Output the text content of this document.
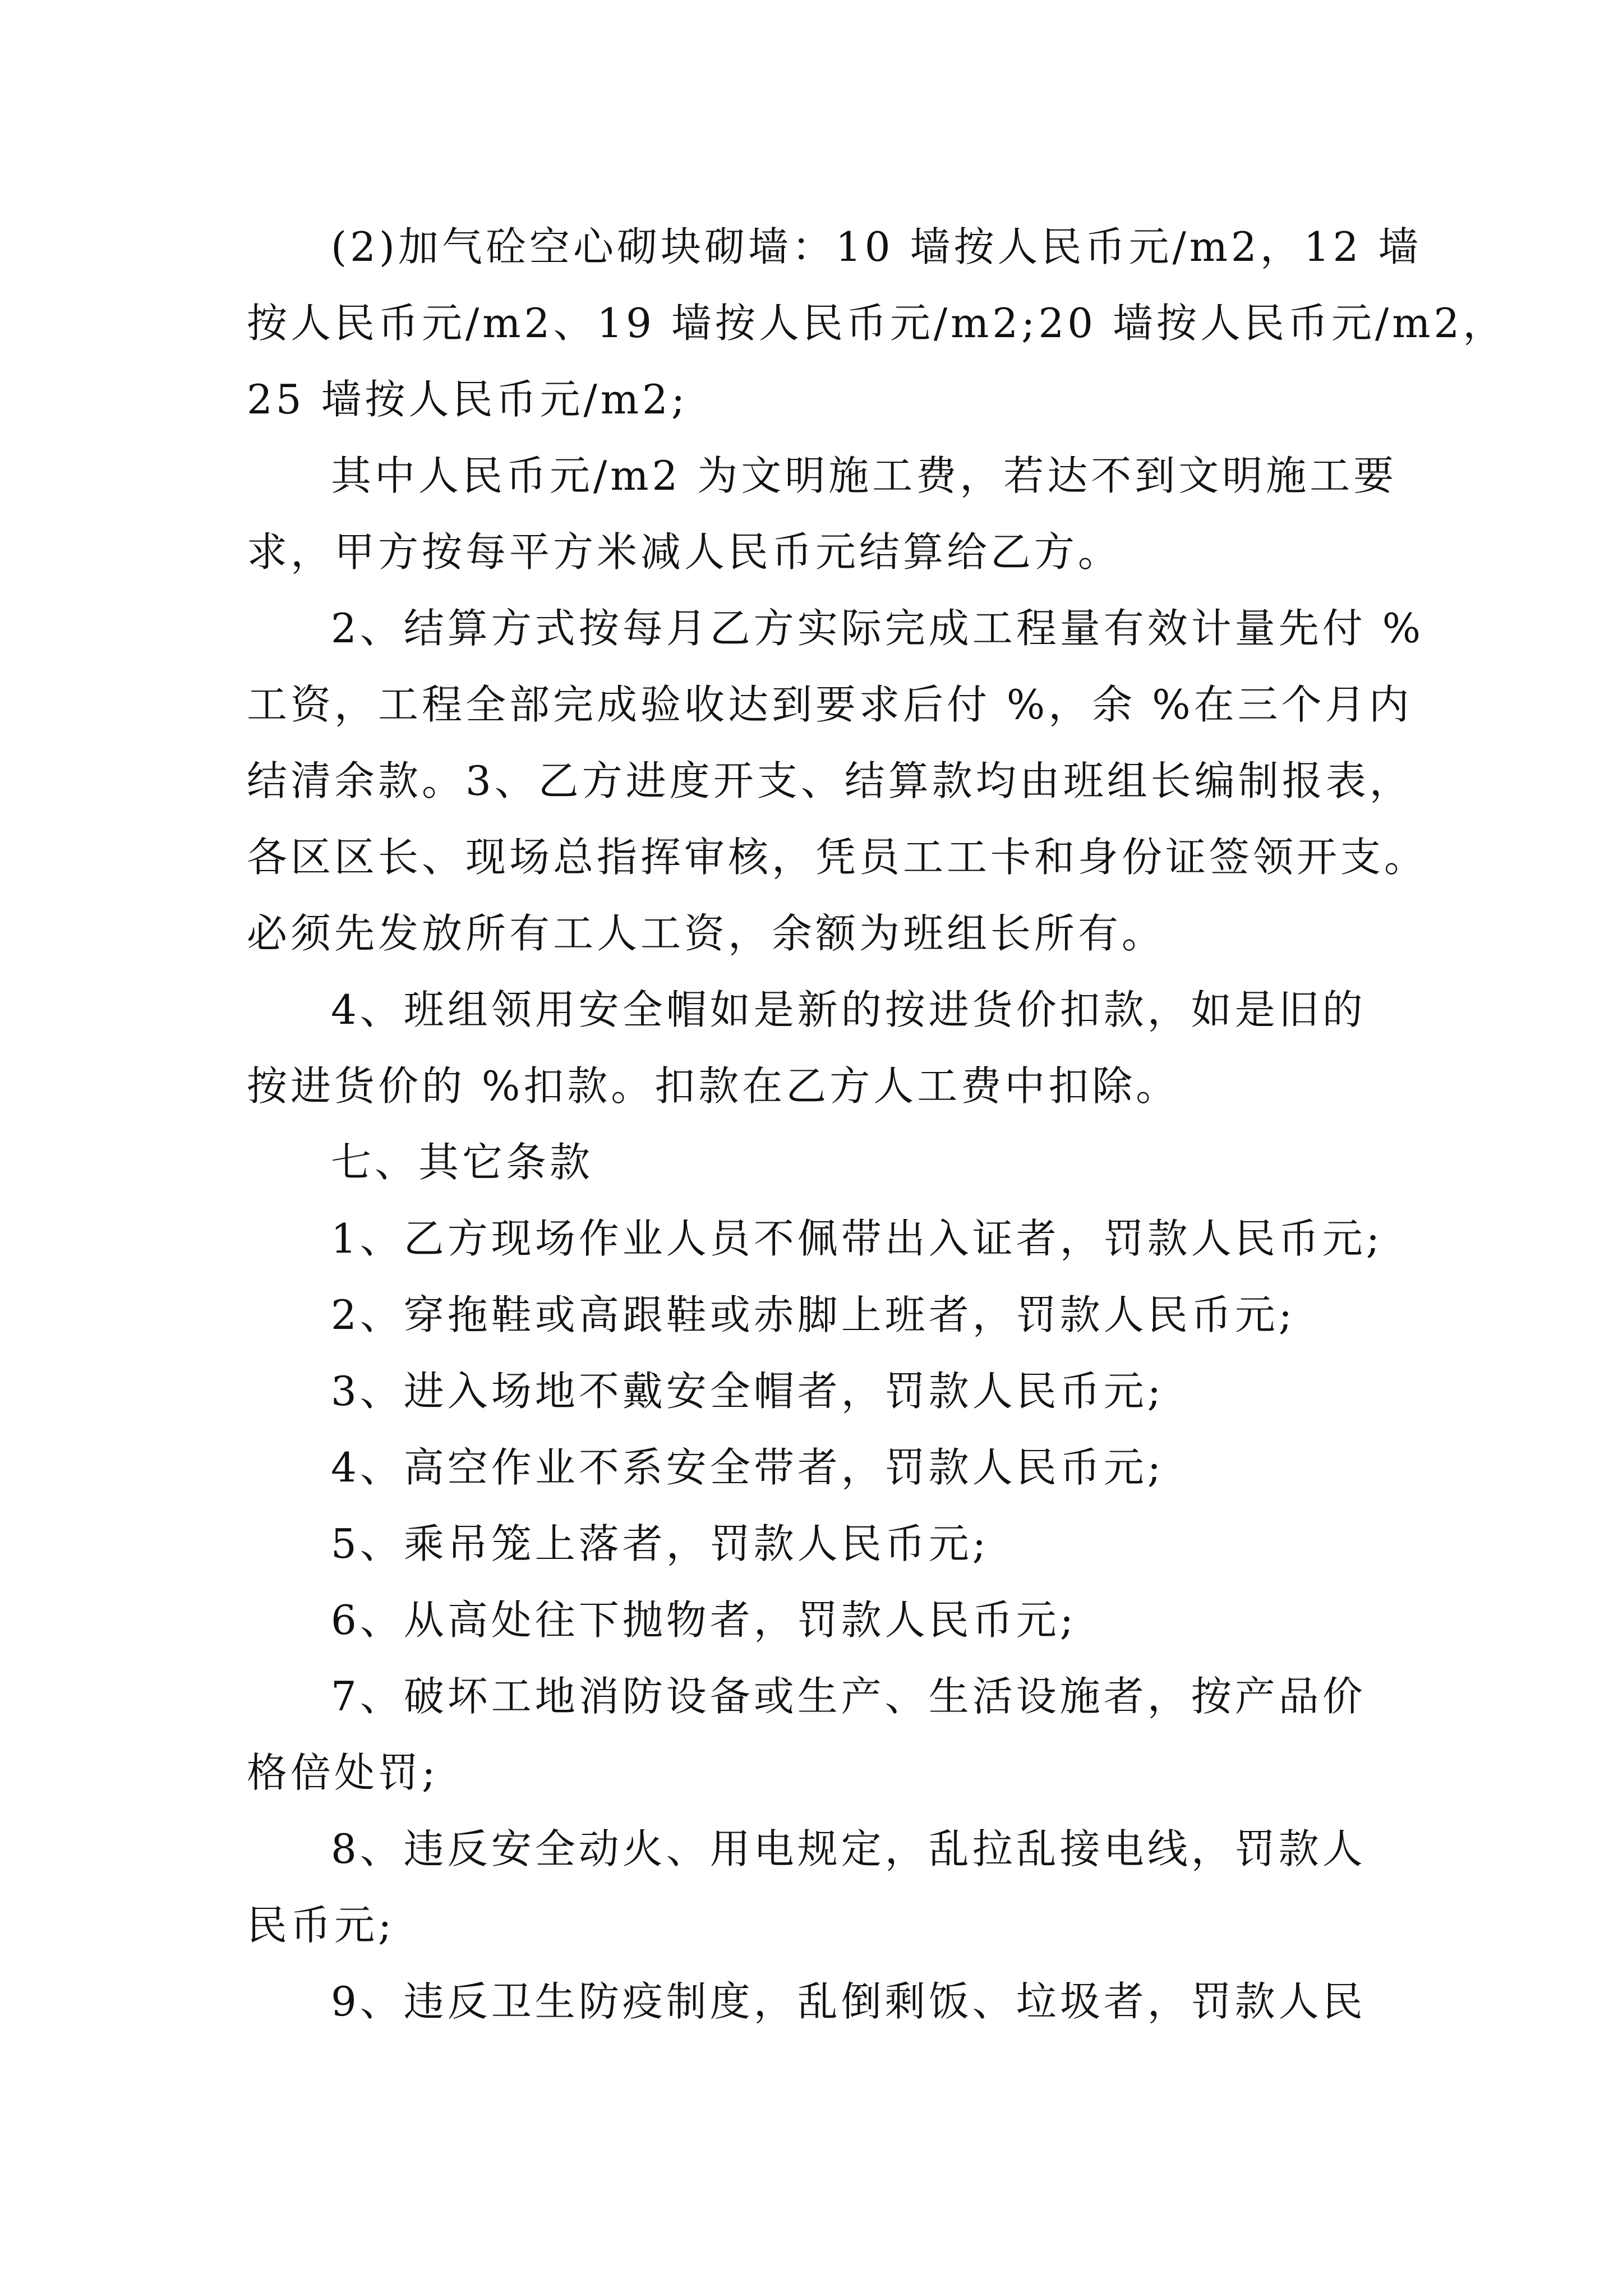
(2)加气砼空心砌块砌墙：10 墙按人民币元/m2，12 墙
按人民币元/m2、19 墙按人民币元/m2;20 墙按人民币元/m2，
25 墙按人民币元/m2;
其中人民币元/m2 为文明施工费，若达不到文明施工要
求，甲方按每平方米减人民币元结算给乙方。
2、结算方式按每月乙方实际完成工程量有效计量先付 %
工资，工程全部完成验收达到要求后付 %，余 %在三个月内
结清余款。3、乙方进度开支、结算款均由班组长编制报表，
各区区长、现场总指挥审核，凭员工工卡和身份证签领开支。
必须先发放所有工人工资，余额为班组长所有。
4、班组领用安全帽如是新的按进货价扣款，如是旧的
按进货价的 %扣款。扣款在乙方人工费中扣除。
七、其它条款
1、乙方现场作业人员不佩带出入证者，罚款人民币元;
2、穿拖鞋或高跟鞋或赤脚上班者，罚款人民币元;
3、进入场地不戴安全帽者，罚款人民币元;
4、高空作业不系安全带者，罚款人民币元;
5、乘吊笼上落者，罚款人民币元;
6、从高处往下抛物者，罚款人民币元;
7、破坏工地消防设备或生产、生活设施者，按产品价
格倍处罚;
8、违反安全动火、用电规定，乱拉乱接电线，罚款人
民币元;
9、违反卫生防疫制度，乱倒剩饭、垃圾者，罚款人民
